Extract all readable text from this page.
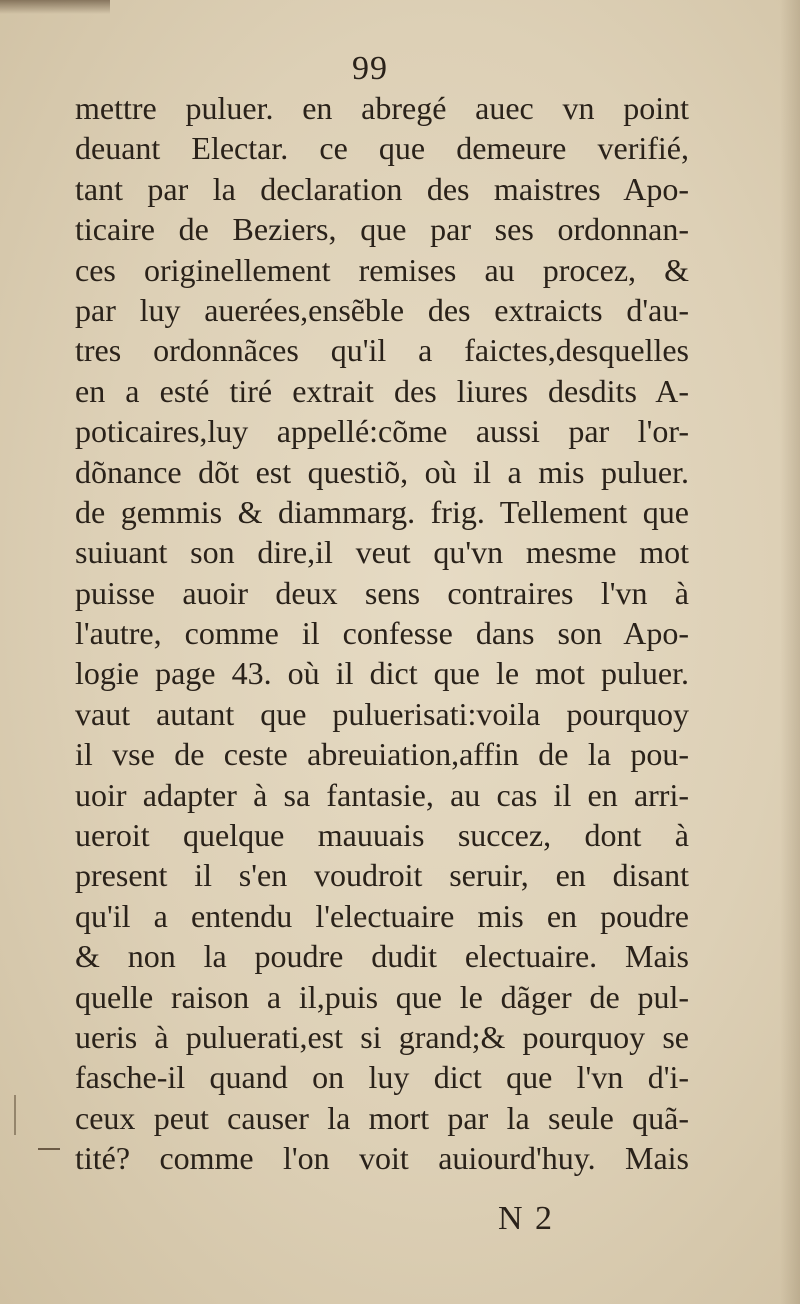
99
mettre puluer. en abregé auec vn point
deuant Electar. ce que demeure verifié,
tant par la declaration des maistres Apo-
ticaire de Beziers, que par ses ordonnan-
ces originellement remises au procez, &
par luy auerées,ensẽble des extraicts d'au-
tres ordonnãces qu'il a faictes,desquelles
en a esté tiré extrait des liures desdits A-
poticaires,luy appellé:cõme aussi par l'or-
dõnance dõt est questiõ, où il a mis puluer.
de gemmis & diammarg. frig. Tellement que
suiuant son dire,il veut qu'vn mesme mot
puisse auoir deux sens contraires l'vn à
l'autre, comme il confesse dans son Apo-
logie page 43. où il dict que le mot puluer.
vaut autant que puluerisati:voila pourquoy
il vse de ceste abreuiation,affin de la pou-
uoir adapter à sa fantasie, au cas il en arri-
ueroit quelque mauuais succez, dont à
present il s'en voudroit seruir, en disant
qu'il a entendu l'electuaire mis en poudre
& non la poudre dudit electuaire. Mais
quelle raison a il,puis que le dãger de pul-
ueris à puluerati,est si grand;& pourquoy se
fasche-il quand on luy dict que l'vn d'i-
ceux peut causer la mort par la seule quã-
tité? comme l'on voit auiourd'huy. Mais
N 2
